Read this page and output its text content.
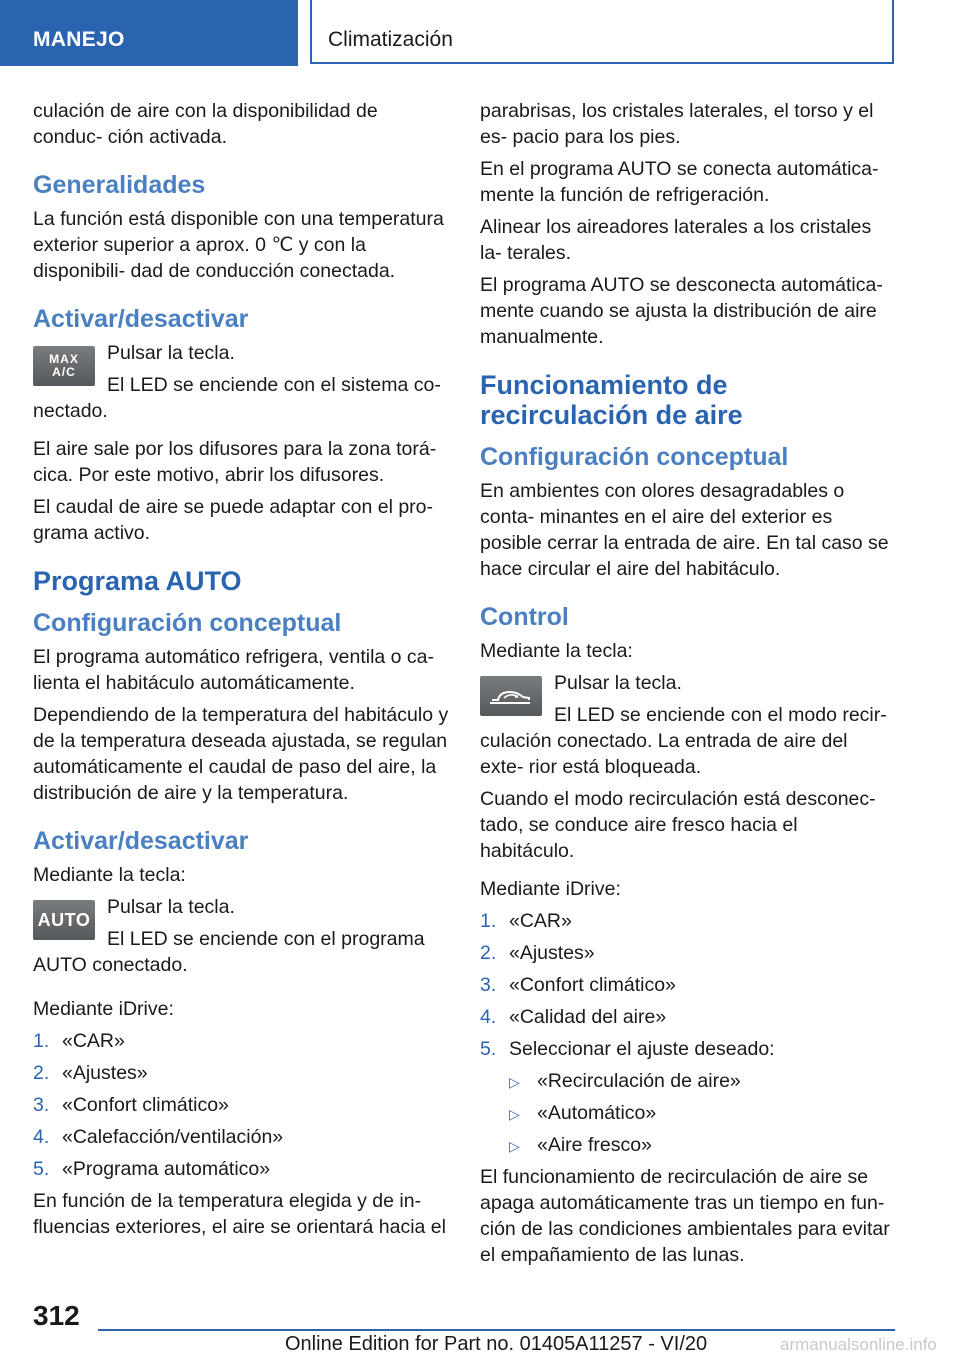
MANEJO	Climatización

culación de aire con la disponibilidad de conduc‐ ción activada.

Generalidades

La función está disponible con una temperatura exterior superior a aprox. 0 ℃ y con la disponibili‐ dad de conducción conectada.

Activar/desactivar
MAX
A/C

Pulsar la tecla.

El LED se enciende con el sistema co‐ nectado.

El aire sale por los difusores para la zona torá‐ cica. Por este motivo, abrir los difusores.

El caudal de aire se puede adaptar con el pro‐ grama activo.

Programa AUTO
Configuración conceptual

El programa automático refrigera, ventila o ca‐ lienta el habitáculo automáticamente.

Dependiendo de la temperatura del habitáculo y de la temperatura deseada ajustada, se regulan automáticamente el caudal de paso del aire, la distribución de aire y la temperatura.

Activar/desactivar

Mediante la tecla:

AUTO

Pulsar la tecla.

El LED se enciende con el programa AUTO conectado.

Mediante iDrive:

1. «CAR»
2. «Ajustes»
3. «Confort climático»
4. «Calefacción/ventilación»
5. «Programa automático»

En función de la temperatura elegida y de in‐ fluencias exteriores, el aire se orientará hacia el

parabrisas, los cristales laterales, el torso y el es‐ pacio para los pies.

En el programa AUTO se conecta automática‐ mente la función de refrigeración.

Alinear los aireadores laterales a los cristales la‐ terales.

El programa AUTO se desconecta automática‐ mente cuando se ajusta la distribución de aire manualmente.

Funcionamiento de recirculación de aire
Configuración conceptual

En ambientes con olores desagradables o conta‐ minantes en el aire del exterior es posible cerrar la entrada de aire. En tal caso se hace circular el aire del habitáculo.

Control

Mediante la tecla:

Pulsar la tecla.

El LED se enciende con el modo recir‐ culación conectado. La entrada de aire del exte‐ rior está bloqueada.

Cuando el modo recirculación está desconec‐ tado, se conduce aire fresco hacia el habitáculo.

Mediante iDrive:

1. «CAR»
2. «Ajustes»
3. «Confort climático»
4. «Calidad del aire»
5. Seleccionar el ajuste deseado:
▷ «Recirculación de aire»
▷ «Automático»
▷ «Aire fresco»

El funcionamiento de recirculación de aire se apaga automáticamente tras un tiempo en fun‐ ción de las condiciones ambientales para evitar el empañamiento de las lunas.

312
Online Edition for Part no. 01405A11257 - VI/20	armanualsonline.info
